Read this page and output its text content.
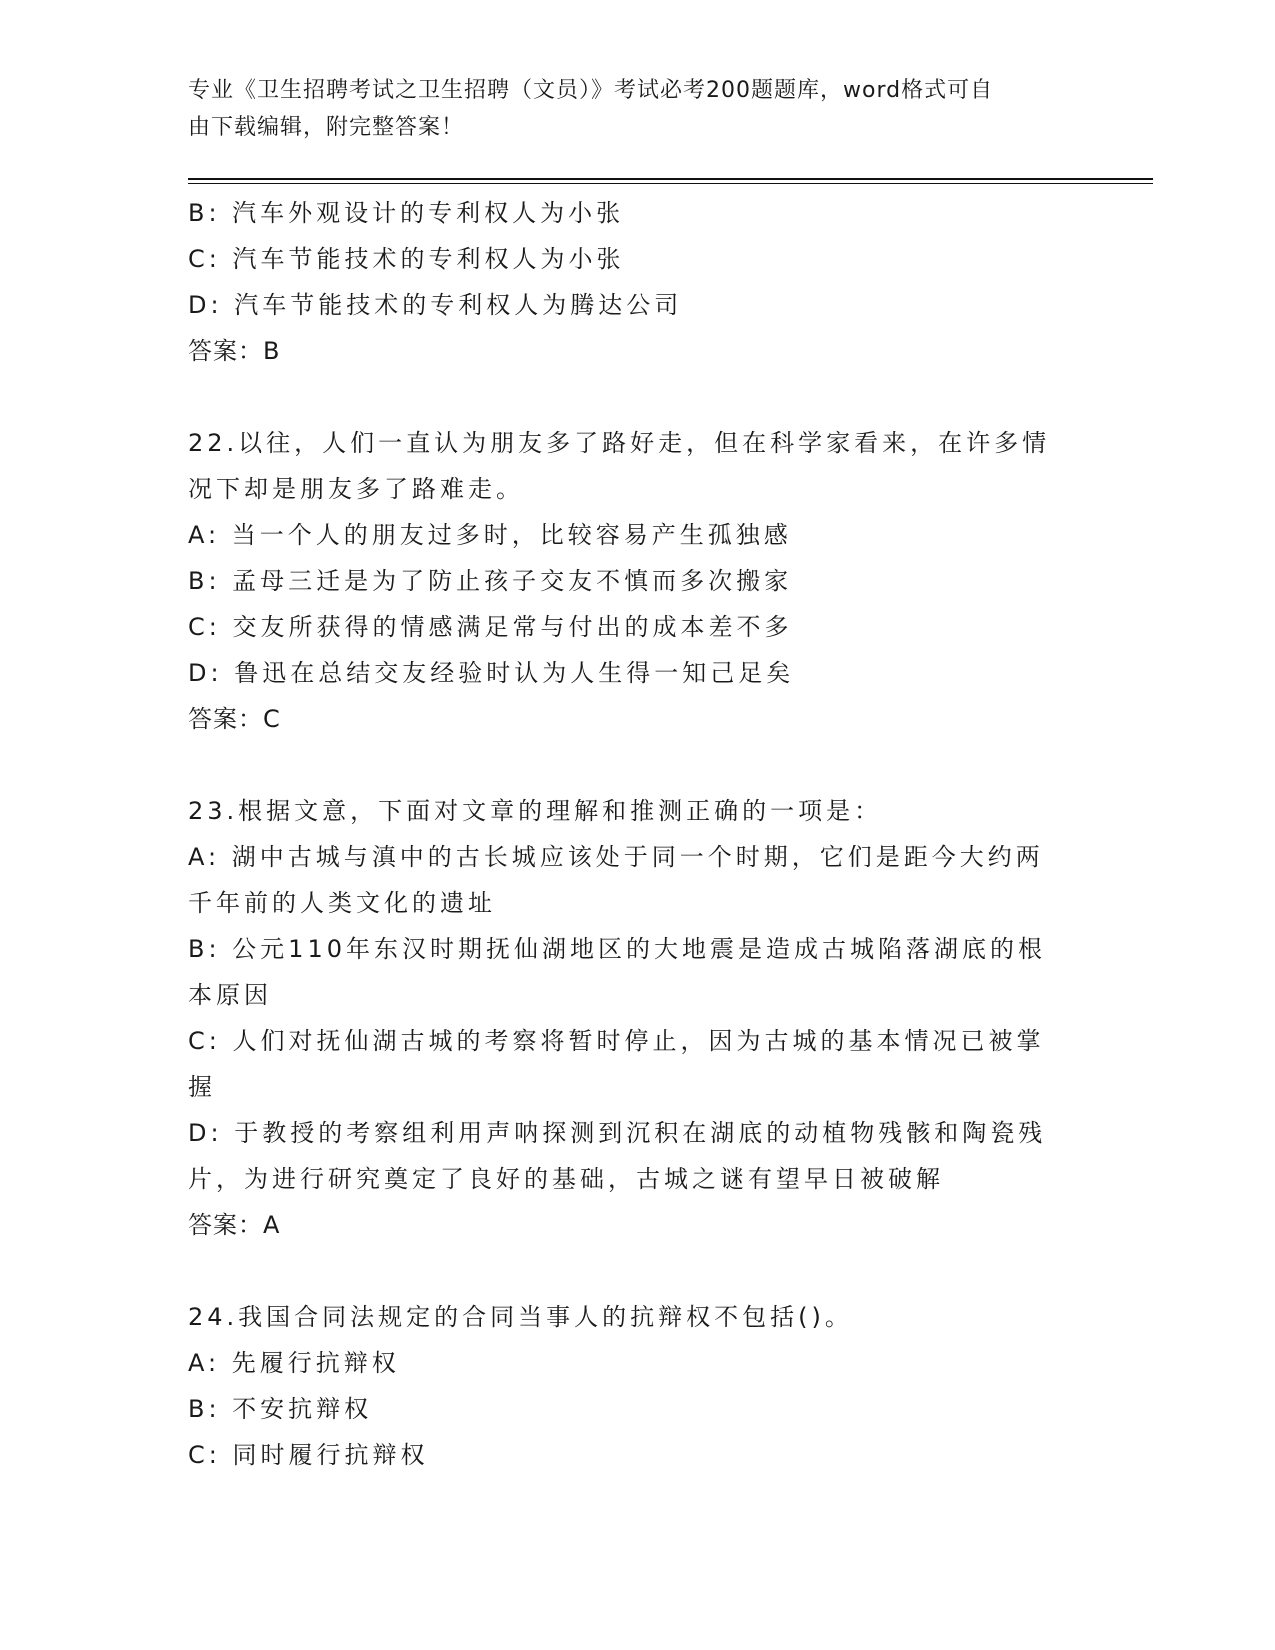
专业《卫生招聘考试之卫生招聘（文员）》考试必考200题题库，word格式可自
由下载编辑，附完整答案！
B: 汽车外观设计的专利权人为小张
C: 汽车节能技术的专利权人为小张
D: 汽车节能技术的专利权人为腾达公司
答案：B
22.以往，人们一直认为朋友多了路好走，但在科学家看来，在许多情
况下却是朋友多了路难走。
A: 当一个人的朋友过多时，比较容易产生孤独感
B: 孟母三迁是为了防止孩子交友不慎而多次搬家
C: 交友所获得的情感满足常与付出的成本差不多
D: 鲁迅在总结交友经验时认为人生得一知己足矣
答案：C
23.根据文意，下面对文章的理解和推测正确的一项是：
A: 湖中古城与滇中的古长城应该处于同一个时期，它们是距今大约两
千年前的人类文化的遗址
B: 公元110年东汉时期抚仙湖地区的大地震是造成古城陷落湖底的根
本原因
C: 人们对抚仙湖古城的考察将暂时停止，因为古城的基本情况已被掌
握
D: 于教授的考察组利用声呐探测到沉积在湖底的动植物残骸和陶瓷残
片，为进行研究奠定了良好的基础，古城之谜有望早日被破解
答案：A
24.我国合同法规定的合同当事人的抗辩权不包括()。
A: 先履行抗辩权
B: 不安抗辩权
C: 同时履行抗辩权
